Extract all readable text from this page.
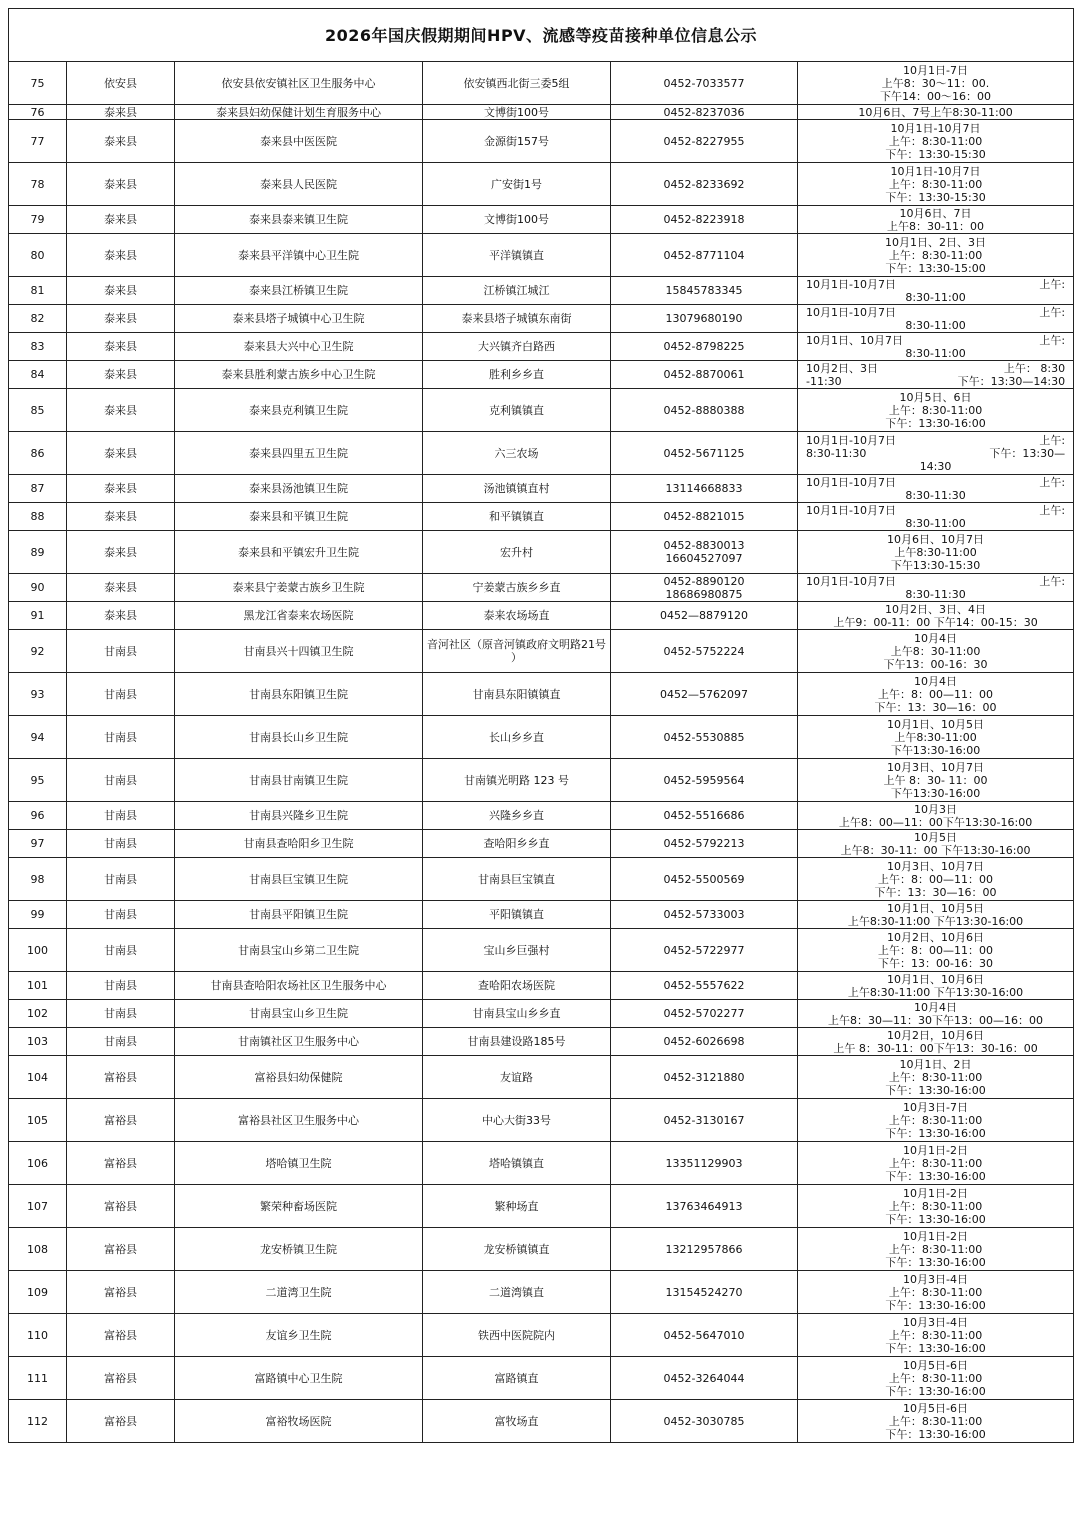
2026年国庆假期期间HPV、流感等疫苗接种单位信息公示					
75	依安县	依安县依安镇社区卫生服务中心	依安镇西北街三委5组	0452-7033577	10月1日-7日
上午8：30～11：00.
下午14：00～16：00

76	泰来县	泰来县妇幼保健计划生育服务中心	文博街100号	0452-8237036	10月6日、7号上午8:30-11:00

77	泰来县	泰来县中医医院	金源街157号	0452-8227955	10月1日-10月7日
上午：8:30-11:00
下午：13:30-15:30

78	泰来县	泰来县人民医院	广安街1号	0452-8233692	10月1日-10月7日
上午：8:30-11:00
下午：13:30-15:30

79	泰来县	泰来县泰来镇卫生院	文博街100号	0452-8223918	10月6日、7日
上午8：30-11：00

80	泰来县	泰来县平洋镇中心卫生院	平洋镇镇直	0452-8771104	10月1日、2日、3日
上午：8:30-11:00
下午：13:30-15:00

81	泰来县	泰来县江桥镇卫生院	江桥镇江城江	15845783345	10月1日-10月7日 上午:
8:30-11:00

82	泰来县	泰来县塔子城镇中心卫生院	泰来县塔子城镇东南街	13079680190	10月1日-10月7日 上午:
8:30-11:00

83	泰来县	泰来县大兴中心卫生院	大兴镇齐白路西	0452-8798225	10月1日、10月7日 上午:
8:30-11:00

84	泰来县	泰来县胜利蒙古族乡中心卫生院	胜利乡乡直	0452-8870061	10月2日、3日 上午： 8:30
-11:30 下午：13:30—14:30

85	泰来县	泰来县克利镇卫生院	克利镇镇直	0452-8880388	10月5日、6日
上午：8:30-11:00
下午：13:30-16:00

86	泰来县	泰来县四里五卫生院	六三农场	0452-5671125	10月1日-10月7日 上午:
8:30-11:30 下午：13:30—
14:30

87	泰来县	泰来县汤池镇卫生院	汤池镇镇直村	13114668833	10月1日-10月7日 上午:
8:30-11:30

88	泰来县	泰来县和平镇卫生院	和平镇镇直	0452-8821015	10月1日-10月7日 上午:
8:30-11:00

89	泰来县	泰来县和平镇宏升卫生院	宏升村	0452-8830013
16604527097	10月6日、10月7日
上午8:30-11:00
下午13:30-15:30

90	泰来县	泰来县宁姜蒙古族乡卫生院	宁姜蒙古族乡乡直	0452-8890120
18686980875	10月1日-10月7日 上午:
8:30-11:30

91	泰来县	黑龙江省泰来农场医院	泰来农场场直	0452—8879120	10月2日、3日、4日
上午9：00-11：00 下午14：00-15：30

92	甘南县	甘南县兴十四镇卫生院	音河社区（原音河镇政府文明路21号
）	0452-5752224	10月4日
上午8：30-11:00
下午13：00-16：30

93	甘南县	甘南县东阳镇卫生院	甘南县东阳镇镇直	0452—5762097	10月4日
上午：8：00—11：00
下午：13：30—16：00

94	甘南县	甘南县长山乡卫生院	长山乡乡直	0452-5530885	10月1日、10月5日
上午8:30-11:00
下午13:30-16:00

95	甘南县	甘南县甘南镇卫生院	甘南镇光明路 123 号	0452-5959564	10月3日、10月7日
上午 8：30- 11：00
下午13:30-16:00

96	甘南县	甘南县兴隆乡卫生院	兴隆乡乡直	0452-5516686	10月3日
上午8：00—11：00下午13:30-16:00

97	甘南县	甘南县查哈阳乡卫生院	查哈阳乡乡直	0452-5792213	10月5日
上午8：30-11：00 下午13:30-16:00

98	甘南县	甘南县巨宝镇卫生院	甘南县巨宝镇直	0452-5500569	10月3日、10月7日
上午：8：00—11：00
下午：13：30—16：00

99	甘南县	甘南县平阳镇卫生院	平阳镇镇直	0452-5733003	10月1日、10月5日
上午8:30-11:00 下午13:30-16:00

100	甘南县	甘南县宝山乡第二卫生院	宝山乡巨强村	0452-5722977	10月2日、10月6日
上午：8：00—11：00
下午：13：00-16：30

101	甘南县	甘南县查哈阳农场社区卫生服务中心	查哈阳农场医院	0452-5557622	10月1日、10月6日
上午8:30-11:00 下午13:30-16:00

102	甘南县	甘南县宝山乡卫生院	甘南县宝山乡乡直	0452-5702277	10月4日
上午8：30—11：30下午13：00—16：00

103	甘南县	甘南镇社区卫生服务中心	甘南县建设路185号	0452-6026698	10月2日，10月6日
上午 8：30-11：00下午13：30-16：00

104	富裕县	富裕县妇幼保健院	友谊路	0452-3121880	10月1日、2日
上午：8:30-11:00
下午：13:30-16:00

105	富裕县	富裕县社区卫生服务中心	中心大街33号	0452-3130167	10月3日-7日
上午：8:30-11:00
下午：13:30-16:00

106	富裕县	塔哈镇卫生院	塔哈镇镇直	13351129903	10月1日-2日
上午：8:30-11:00
下午：13:30-16:00

107	富裕县	繁荣种畜场医院	繁种场直	13763464913	10月1日-2日
上午：8:30-11:00
下午：13:30-16:00

108	富裕县	龙安桥镇卫生院	龙安桥镇镇直	13212957866	10月1日-2日
上午：8:30-11:00
下午：13:30-16:00

109	富裕县	二道湾卫生院	二道湾镇直	13154524270	10月3日-4日
上午：8:30-11:00
下午：13:30-16:00

110	富裕县	友谊乡卫生院	铁西中医院院内	0452-5647010	10月3日-4日
上午：8:30-11:00
下午：13:30-16:00

111	富裕县	富路镇中心卫生院	富路镇直	0452-3264044	10月5日-6日
上午：8:30-11:00
下午：13:30-16:00

112	富裕县	富裕牧场医院	富牧场直	0452-3030785	10月5日-6日
上午：8:30-11:00
下午：13:30-16:00
